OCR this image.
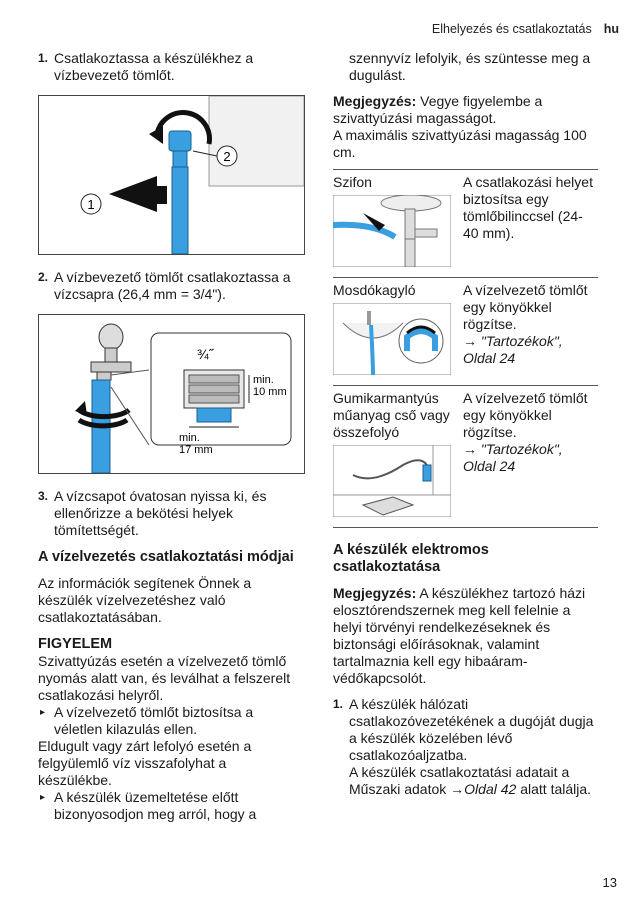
Elhelyezés és csatlakoztatás hu
1. Csatlakoztassa a készülékhez a vízbevezető tömlőt.
1
2
2. A vízbevezető tömlőt csatlakoztassa a vízcsapra (26,4 mm = 3/4").
¾˝
min.
10 mm
min.
17 mm
3. A vízcsapot óvatosan nyissa ki, és ellenőrizze a bekötési helyek tömítettségét.
A vízelvezetés csatlakoztatási módjai
Az információk segítenek Önnek a készülék vízelvezetéshez való csatlakoztatásában.
FIGYELEM
Szivattyúzás esetén a vízelvezető tömlő nyomás alatt van, és leválhat a felszerelt csatlakozási helyről.
▸ A vízelvezető tömlőt biztosítsa a véletlen kilazulás ellen.
Eldugult vagy zárt lefolyó esetén a felgyülemlő víz visszafolyhat a készülékbe.
▸ A készülék üzemeltetése előtt bizonyosodjon meg arról, hogy a
szennyvíz lefolyik, és szüntesse meg a dugulást.
Megjegyzés: Vegye figyelembe a szivattyúzási magasságot.
A maximális szivattyúzási magasság 100 cm.
Szifon	A csatlakozási helyet biztosítsa egy tömlőbilinccsel (24-40 mm).

Mosdókagyló	A vízelvezető tömlőt egy könyökkel rögzítse.
→ "Tartozékok", Oldal 24

Gumikarmantyús műanyag cső vagy összefolyó	A vízelvezető tömlőt egy könyökkel rögzítse.
→ "Tartozékok", Oldal 24
A készülék elektromos csatlakoztatása
Megjegyzés: A készülékhez tartozó házi elosztórendszernek meg kell felelnie a helyi törvényi rendelkezéseknek és biztonsági előírásoknak, valamint tartalmaznia kell egy hibaáram-védőkapcsolót.
1. A készülék hálózati csatlakozóvezetékének a dugóját dugja a készülék közelében lévő csatlakozóaljzatba.
A készülék csatlakoztatási adatait a Műszaki adatok →Oldal 42 alatt találja.
13
